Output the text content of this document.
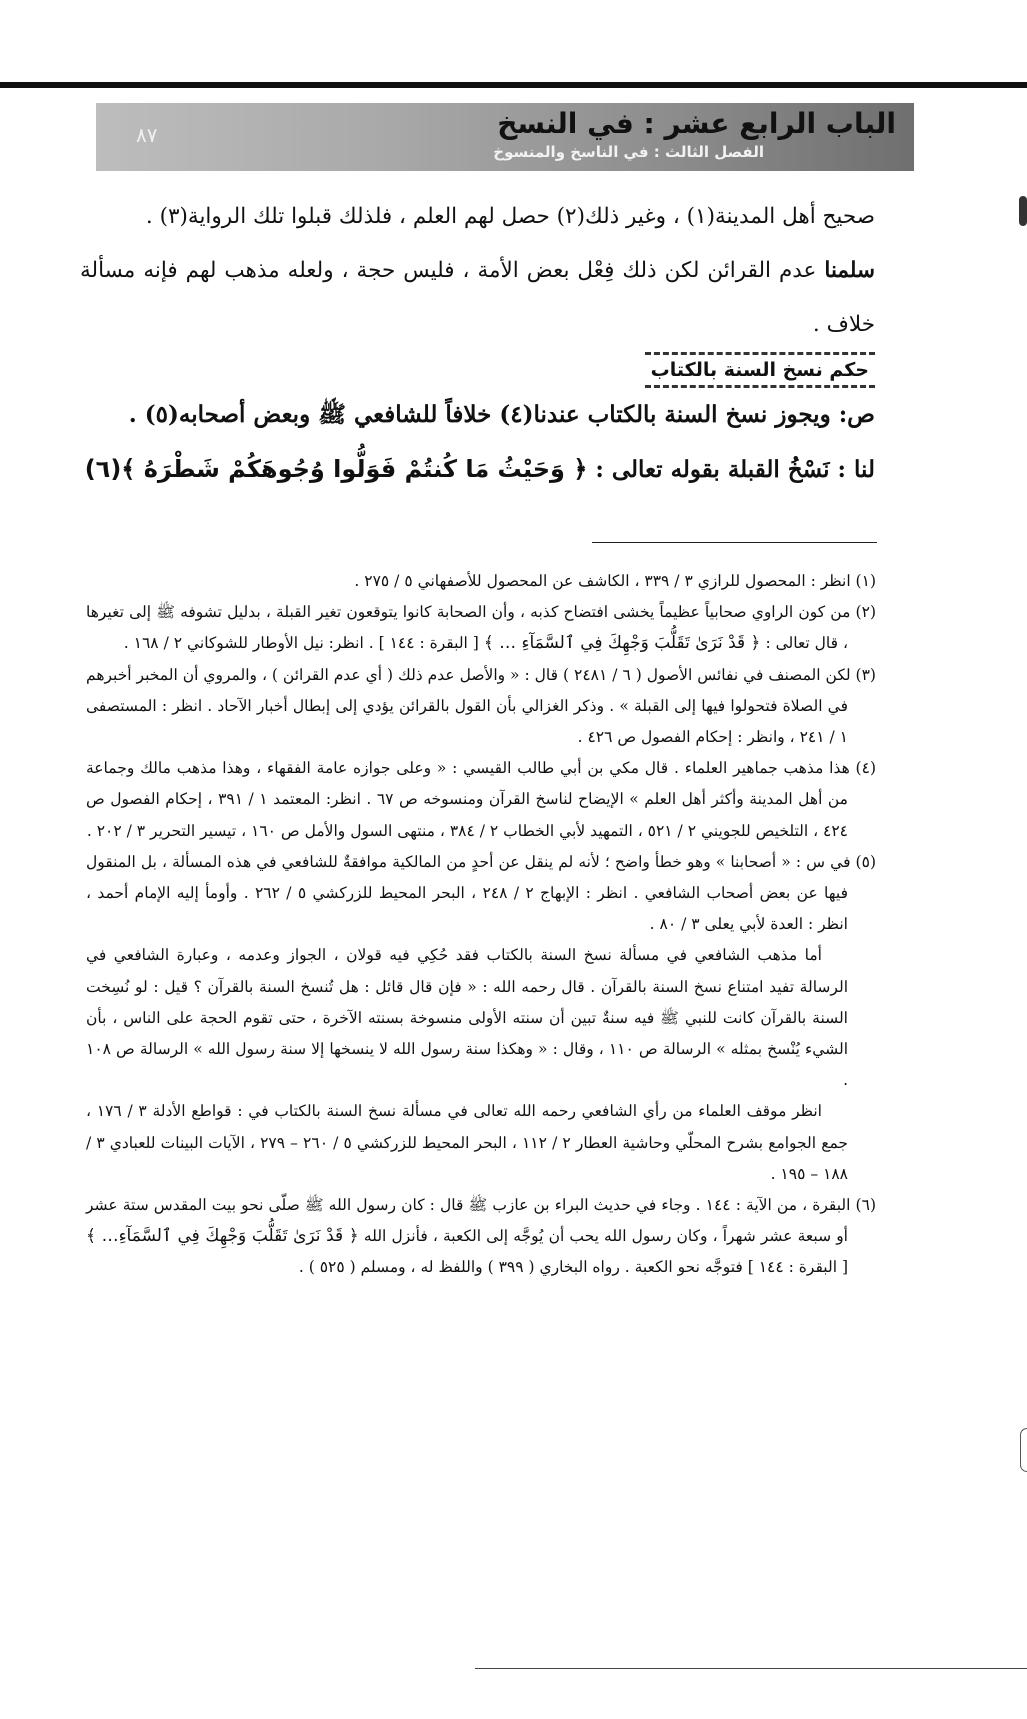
الباب الرابع عشر : في النسخ
الفصل الثالث : في الناسخ والمنسوخ
٨٧

صحيح أهل المدينة(١) ، وغير ذلك(٢) حصل لهم العلم ، فلذلك قبلوا تلك الرواية(٣) .

سلمنا عدم القرائن لكن ذلك فِعْل بعض الأمة ، فليس حجة ، ولعله مذهب لهم فإنه مسألة خلاف .

حكم نسخ السنة بالكتاب

ص: ويجوز نسخ السنة بالكتاب عندنا(٤) خلافاً للشافعي ﷺ وبعض أصحابه(٥) .

لنا : نَسْخُ القبلة بقوله تعالى : ﴿ وَحَيْثُ مَا كُنتُمْ فَوَلُّوا وُجُوهَكُمْ شَطْرَهُ ﴾(٦)

(١) انظر : المحصول للرازي ٣ / ٣٣٩ ، الكاشف عن المحصول للأصفهاني ٥ / ٢٧٥ .

(٢) من كون الراوي صحابياً عظيماً يخشى افتضاح كذبه ، وأن الصحابة كانوا يتوقعون تغير القبلة ، بدليل تشوفه ﷺ إلى تغيرها ، قال تعالى : ﴿ قَدْ نَرَىٰ تَقَلُّبَ وَجْهِكَ فِي ٱلسَّمَآءِ … ﴾ [ البقرة : ١٤٤ ] . انظر: نيل الأوطار للشوكاني ٢ / ١٦٨ .

(٣) لكن المصنف في نفائس الأصول ( ٦ / ٢٤٨١ ) قال : « والأصل عدم ذلك ( أي عدم القرائن ) ، والمروي أن المخبر أخبرهم في الصلاة فتحولوا فيها إلى القبلة » . وذكر الغزالي بأن القول بالقرائن يؤدي إلى إبطال أخبار الآحاد . انظر : المستصفى ١ / ٢٤١ ، وانظر : إحكام الفصول ص ٤٢٦ .

(٤) هذا مذهب جماهير العلماء . قال مكي بن أبي طالب القيسي : « وعلى جوازه عامة الفقهاء ، وهذا مذهب مالك وجماعة من أهل المدينة وأكثر أهل العلم » الإيضاح لناسخ القرآن ومنسوخه ص ٦٧ . انظر: المعتمد ١ / ٣٩١ ، إحكام الفصول ص ٤٢٤ ، التلخيص للجويني ٢ / ٥٢١ ، التمهيد لأبي الخطاب ٢ / ٣٨٤ ، منتهى السول والأمل ص ١٦٠ ، تيسير التحرير ٣ / ٢٠٢ .

(٥) في س : « أصحابنا » وهو خطأ واضح ؛ لأنه لم ينقل عن أحدٍ من المالكية موافقةٌ للشافعي في هذه المسألة ، بل المنقول فيها عن بعض أصحاب الشافعي . انظر : الإبهاج ٢ / ٢٤٨ ، البحر المحيط للزركشي ٥ / ٢٦٢ . وأومأ إليه الإمام أحمد ، انظر : العدة لأبي يعلى ٣ / ٨٠ .

أما مذهب الشافعي في مسألة نسخ السنة بالكتاب فقد حُكِي فيه قولان ، الجواز وعدمه ، وعبارة الشافعي في الرسالة تفيد امتناع نسخ السنة بالقرآن . قال رحمه الله : « فإن قال قائل : هل تُنسخ السنة بالقرآن ؟ قيل : لو نُسِخت السنة بالقرآن كانت للنبي ﷺ فيه سنةٌ تبين أن سنته الأولى منسوخة بسنته الآخرة ، حتى تقوم الحجة على الناس ، بأن الشيء يُنْسخ بمثله » الرسالة ص ١١٠ ، وقال : « وهكذا سنة رسول الله لا ينسخها إلا سنة رسول الله » الرسالة ص ١٠٨ .

انظر موقف العلماء من رأي الشافعي رحمه الله تعالى في مسألة نسخ السنة بالكتاب في : قواطع الأدلة ٣ / ١٧٦ ، جمع الجوامع بشرح المحلّي وحاشية العطار ٢ / ١١٢ ، البحر المحيط للزركشي ٥ / ٢٦٠ – ٢٧٩ ، الآيات البينات للعبادي ٣ / ١٨٨ – ١٩٥ .

(٦) البقرة ، من الآية : ١٤٤ . وجاء في حديث البراء بن عازب ﷺ قال : كان رسول الله ﷺ صلّى نحو بيت المقدس ستة عشر أو سبعة عشر شهراً ، وكان رسول الله يحب أن يُوجَّه إلى الكعبة ، فأنزل الله ﴿ قَدْ نَرَىٰ تَقَلُّبَ وَجْهِكَ فِي ٱلسَّمَآءِ… ﴾ [ البقرة : ١٤٤ ] فتوجَّه نحو الكعبة . رواه البخاري ( ٣٩٩ ) واللفظ له ، ومسلم ( ٥٢٥ ) .
